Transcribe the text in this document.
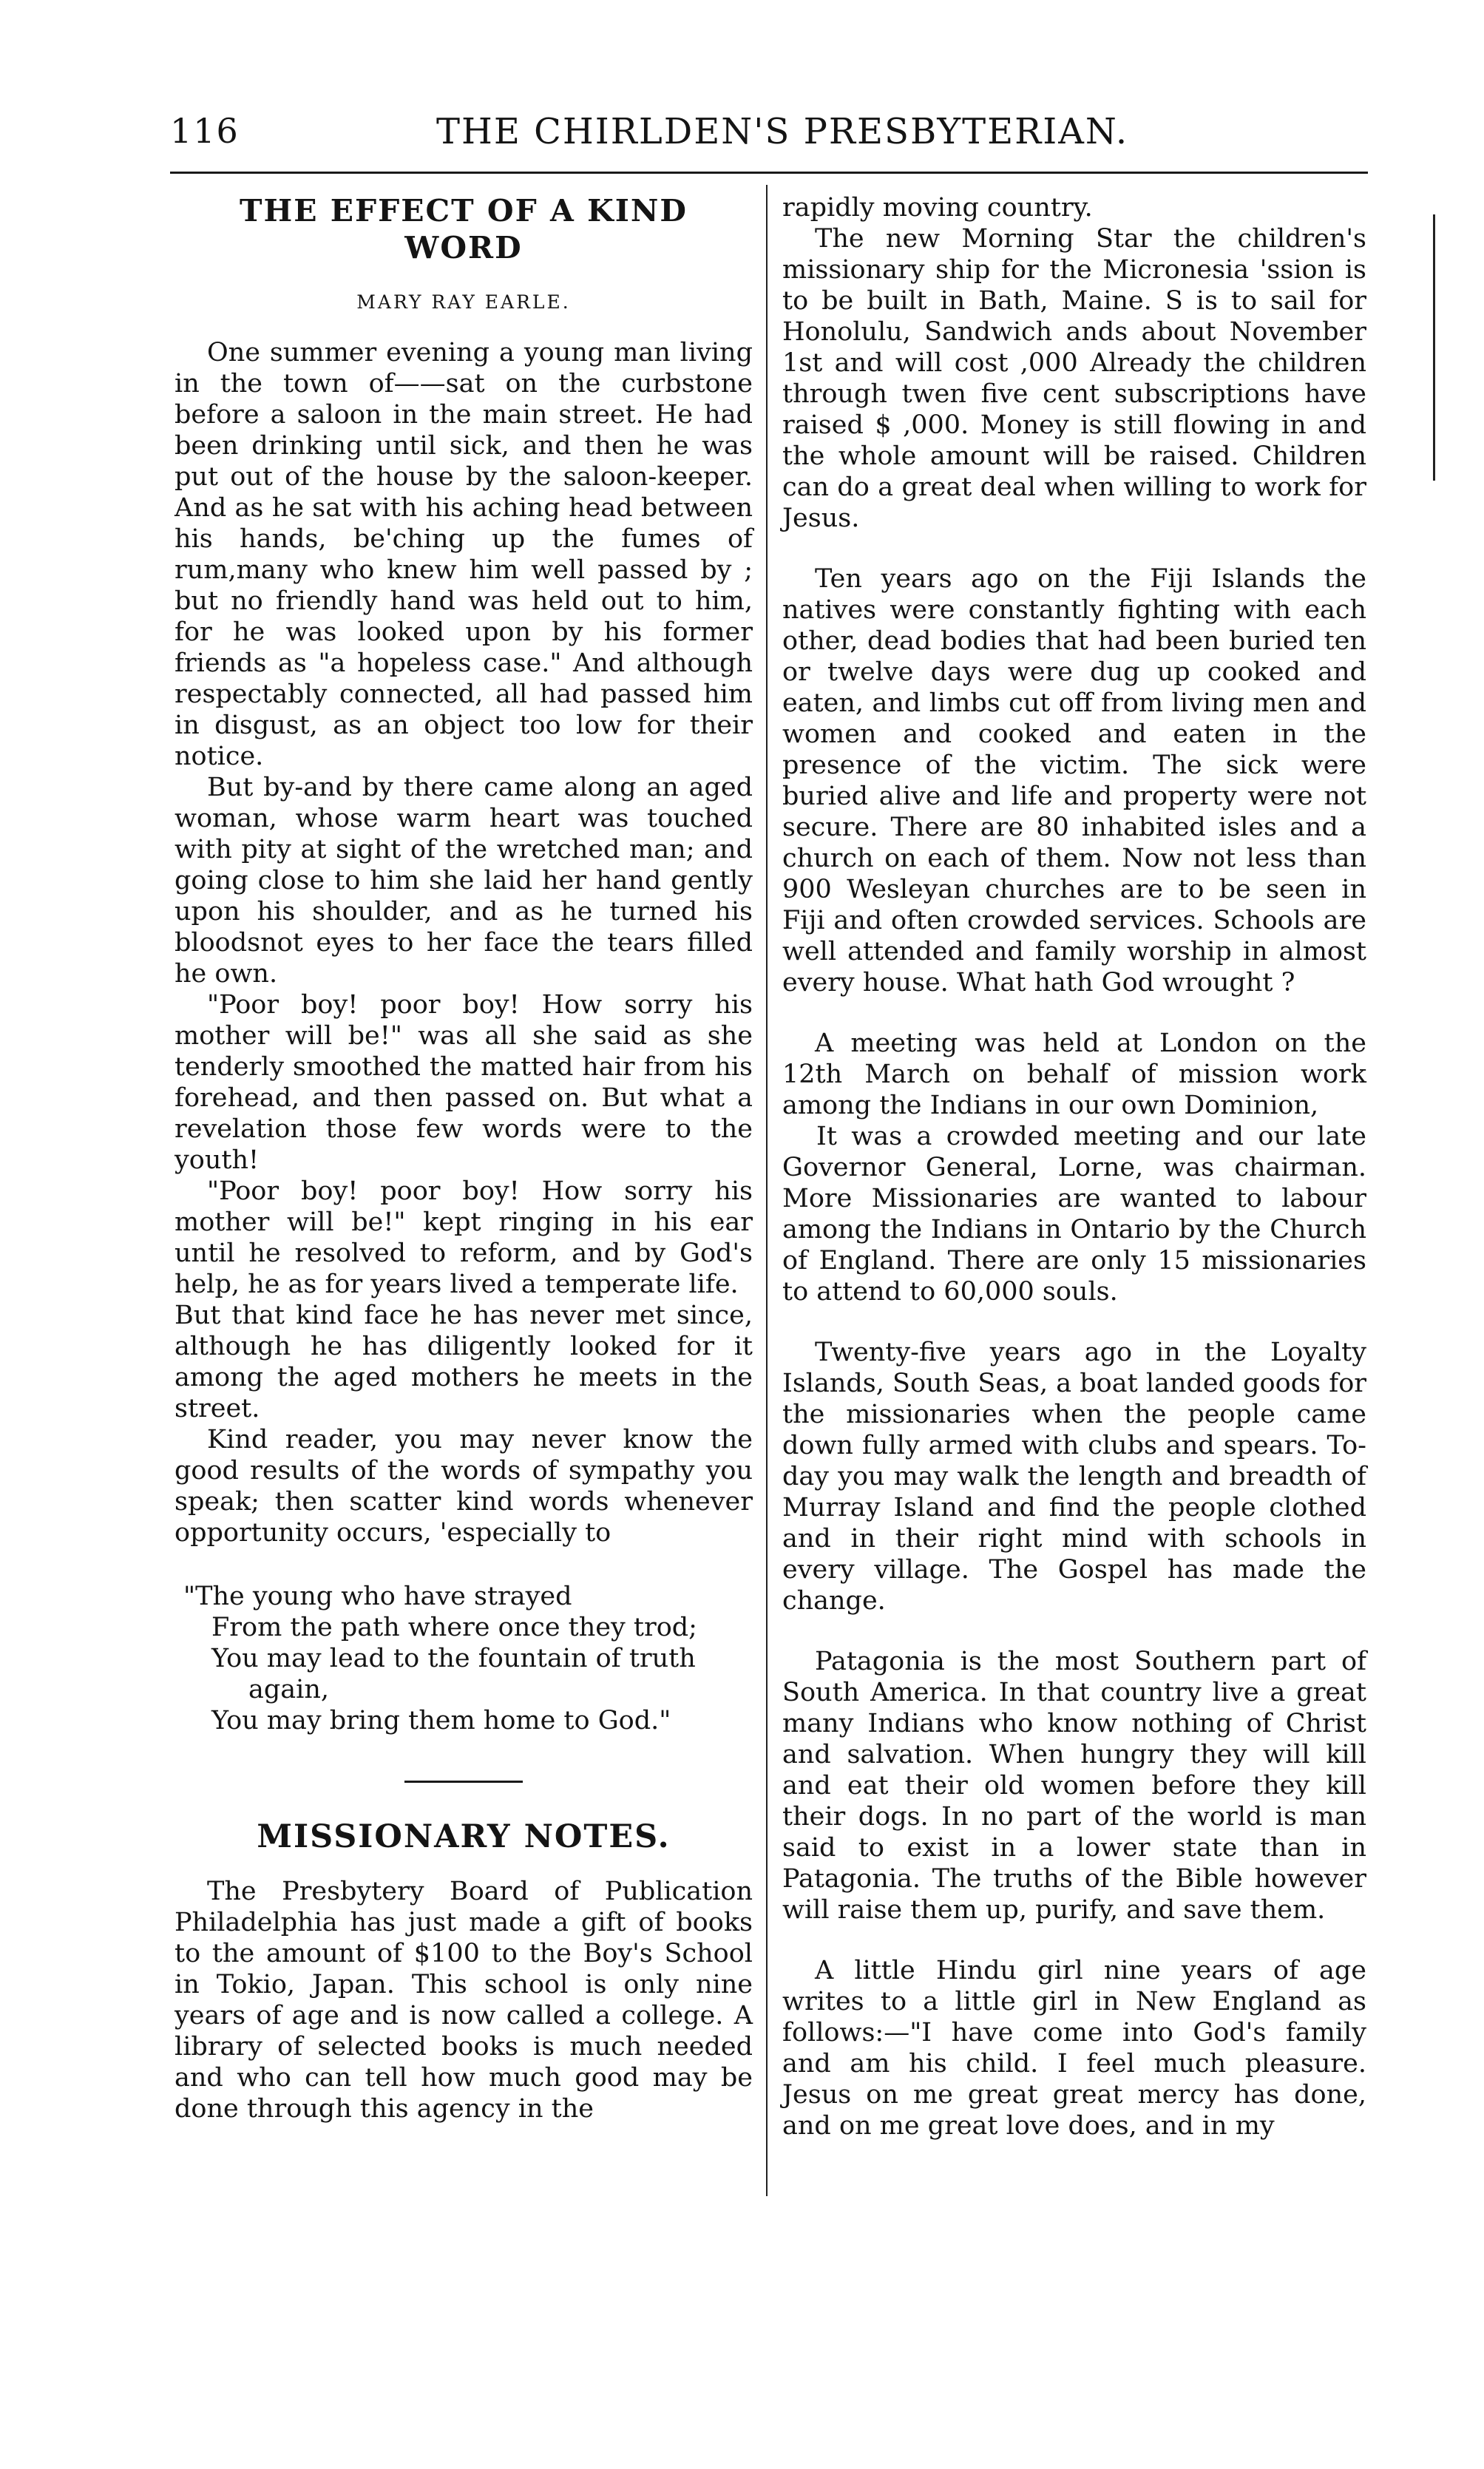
116	THE CHIRLDEN'S PRESBYTERIAN.
THE EFFECT OF A KIND
WORD
MARY RAY EARLE.

One summer evening a young man living in the town of——sat on the curbstone before a saloon in the main street. He had been drinking until sick, and then he was put out of the house by the saloon-keeper. And as he sat with his aching head between his hands, be'ching up the fumes of rum,many who knew him well passed by ; but no friendly hand was held out to him, for he was looked upon by his former friends as "a hopeless case." And although respectably connected, all had passed him in disgust, as an object too low for their notice.

But by-and by there came along an aged woman, whose warm heart was touched with pity at sight of the wretched man; and going close to him she laid her hand gently upon his shoulder, and as he turned his bloodsnot eyes to her face the tears filled he own.

"Poor boy! poor boy! How sorry his mother will be!" was all she said as she tenderly smoothed the matted hair from his forehead, and then passed on. But what a revelation those few words were to the youth!

"Poor boy! poor boy! How sorry his mother will be!" kept ringing in his ear until he resolved to reform, and by God's help, he as for years lived a temperate life.

But that kind face he has never met since, although he has diligently looked for it among the aged mothers he meets in the street.

Kind reader, you may never know the good results of the words of sympathy you speak; then scatter kind words whenever opportunity occurs, 'especially to

"The young who have strayed
From the path where once they trod;
You may lead to the fountain of truth
again,
You may bring them home to God."
MISSIONARY NOTES.

The Presbytery Board of Publication Philadelphia has just made a gift of books to the amount of $100 to the Boy's School in Tokio, Japan. This school is only nine years of age and is now called a college. A library of selected books is much needed and who can tell how much good may be done through this agency in the

rapidly moving country.

The new Morning Star the children's missionary ship for the Micronesia 'ssion is to be built in Bath, Maine. S is to sail for Honolulu, Sandwich ands about November 1st and will cost ,000 Already the children through twen five cent subscriptions have raised $ ,000. Money is still flowing in and the whole amount will be raised. Children can do a great deal when willing to work for Jesus.

Ten years ago on the Fiji Islands the natives were constantly fighting with each other, dead bodies that had been buried ten or twelve days were dug up cooked and eaten, and limbs cut off from living men and women and cooked and eaten in the presence of the victim. The sick were buried alive and life and property were not secure. There are 80 inhabited isles and a church on each of them. Now not less than 900 Wesleyan churches are to be seen in Fiji and often crowded services. Schools are well attended and family worship in almost every house. What hath God wrought ?

A meeting was held at London on the 12th March on behalf of mission work among the Indians in our own Dominion,

It was a crowded meeting and our late Governor General, Lorne, was chairman. More Missionaries are wanted to labour among the Indians in Ontario by the Church of England. There are only 15 missionaries to attend to 60,000 souls.

Twenty-five years ago in the Loyalty Islands, South Seas, a boat landed goods for the missionaries when the people came down fully armed with clubs and spears. To-day you may walk the length and breadth of Murray Island and find the people clothed and in their right mind with schools in every village. The Gospel has made the change.

Patagonia is the most Southern part of South America. In that country live a great many Indians who know nothing of Christ and salvation. When hungry they will kill and eat their old women before they kill their dogs. In no part of the world is man said to exist in a lower state than in Patagonia. The truths of the Bible however will raise them up, purify, and save them.

A little Hindu girl nine years of age writes to a little girl in New England as follows:—"I have come into God's family and am his child. I feel much pleasure. Jesus on me great great mercy has done, and on me great love does, and in my
